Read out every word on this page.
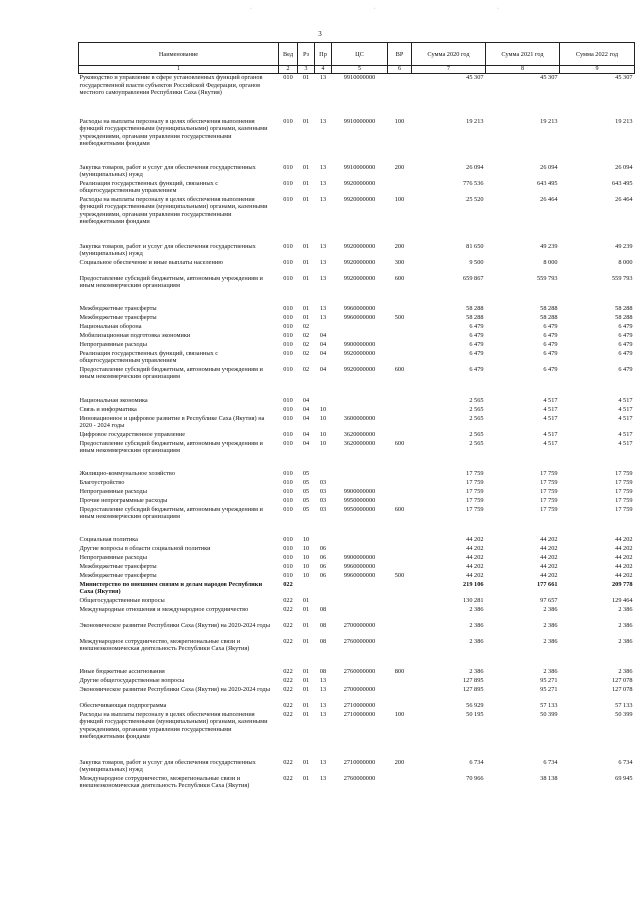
· · ·
3
Наименование	Вед	Рз	Пр	ЦС	ВР	Сумма 2020 год	Сумма 2021 год	Сумма 2022 год
1	2	3	4	5	6	7	8	9
Руководство и управление в сфере установленных функций органов государственной власти субъектов Российской Федерации, органов местного самоуправления Республики Саха (Якутия)	010	01	13	9910000000		45 307	45 307	45 307
Расходы на выплаты персоналу в целях обеспечения выполнения функций государственными (муниципальными) органами, казенными учреждениями, органами управления государственными внебюджетными фондами	010	01	13	9910000000	100	19 213	19 213	19 213
Закупка товаров, работ и услуг для обеспечения государственных (муниципальных) нужд	010	01	13	9910000000	200	26 094	26 094	26 094
Реализация государственных функций, связанных с общегосударственным управлением	010	01	13	9920000000		776 536	643 495	643 495
Расходы на выплаты персоналу в целях обеспечения выполнения функций государственными (муниципальными) органами, казенными учреждениями, органами управления государственными внебюджетными фондами	010	01	13	9920000000	100	25 520	26 464	26 464
Закупка товаров, работ и услуг для обеспечения государственных (муниципальных) нужд	010	01	13	9920000000	200	81 650	49 239	49 239
Социальное обеспечение и иные выплаты населению	010	01	13	9920000000	300	9 500	8 000	8 000
Предоставление субсидий бюджетным, автономным учреждениям и иным некоммерческим организациям	010	01	13	9920000000	600	659 867	559 793	559 793
Межбюджетные трансферты	010	01	13	9960000000		58 288	58 288	58 288
Межбюджетные трансферты	010	01	13	9960000000	500	58 288	58 288	58 288
Национальная оборона	010	02				6 479	6 479	6 479
Мобилизационная подготовка экономики	010	02	04			6 479	6 479	6 479
Непрограммные расходы	010	02	04	9900000000		6 479	6 479	6 479
Реализация государственных функций, связанных с общегосударственным управлением	010	02	04	9920000000		6 479	6 479	6 479
Предоставление субсидий бюджетным, автономным учреждениям и иным некоммерческим организациям	010	02	04	9920000000	600	6 479	6 479	6 479
Национальная экономика	010	04				2 565	4 517	4 517
Связь и информатика	010	04	10			2 565	4 517	4 517
Инновационное и цифровое развитие в Республике Саха (Якутия) на 2020 - 2024 годы	010	04	10	3600000000		2 565	4 517	4 517
Цифровое государственное управление	010	04	10	3620000000		2 565	4 517	4 517
Предоставление субсидий бюджетным, автономным учреждениям и иным некоммерческим организациям	010	04	10	3620000000	600	2 565	4 517	4 517
Жилищно-коммунальное хозяйство	010	05				17 759	17 759	17 759
Благоустройство	010	05	03			17 759	17 759	17 759
Непрограммные расходы	010	05	03	9900000000		17 759	17 759	17 759
Прочие непрограммные расходы	010	05	03	9950000000		17 759	17 759	17 759
Предоставление субсидий бюджетным, автономным учреждениям и иным некоммерческим организациям	010	05	03	9950000000	600	17 759	17 759	17 759
Социальная политика	010	10				44 202	44 202	44 202
Другие вопросы в области социальной политики	010	10	06			44 202	44 202	44 202
Непрограммные расходы	010	10	06	9900000000		44 202	44 202	44 202
Межбюджетные трансферты	010	10	06	9960000000		44 202	44 202	44 202
Межбюджетные трансферты	010	10	06	9960000000	500	44 202	44 202	44 202
Министерство по внешним связям и делам народов Республики Саха (Якутия)	022					219 106	177 661	209 778
Общегосударственные вопросы	022	01				130 281	97 657	129 464
Международные отношения и международное сотрудничество	022	01	08			2 386	2 386	2 386
Экономическое развитие Республики Саха (Якутия) на 2020-2024 годы	022	01	08	2700000000		2 386	2 386	2 386
Международное сотрудничество, межрегиональные связи и внешнеэкономическая деятельность Республики Саха (Якутия)	022	01	08	2760000000		2 386	2 386	2 386
Иные бюджетные ассигнования	022	01	08	2760000000	800	2 386	2 386	2 386
Другие общегосударственные вопросы	022	01	13			127 895	95 271	127 078
Экономическое развитие Республики Саха (Якутия) на 2020-2024 годы	022	01	13	2700000000		127 895	95 271	127 078
Обеспечивающая подпрограмма	022	01	13	2710000000		56 929	57 133	57 133
Расходы на выплаты персоналу в целях обеспечения выполнения функций государственными (муниципальными) органами, казенными учреждениями, органами управления государственными внебюджетными фондами	022	01	13	2710000000	100	50 195	50 399	50 399
Закупка товаров, работ и услуг для обеспечения государственных (муниципальных) нужд	022	01	13	2710000000	200	6 734	6 734	6 734
Международное сотрудничество, межрегиональные связи и внешнеэкономическая деятельность Республики Саха (Якутия)	022	01	13	2760000000		70 966	38 138	69 945
